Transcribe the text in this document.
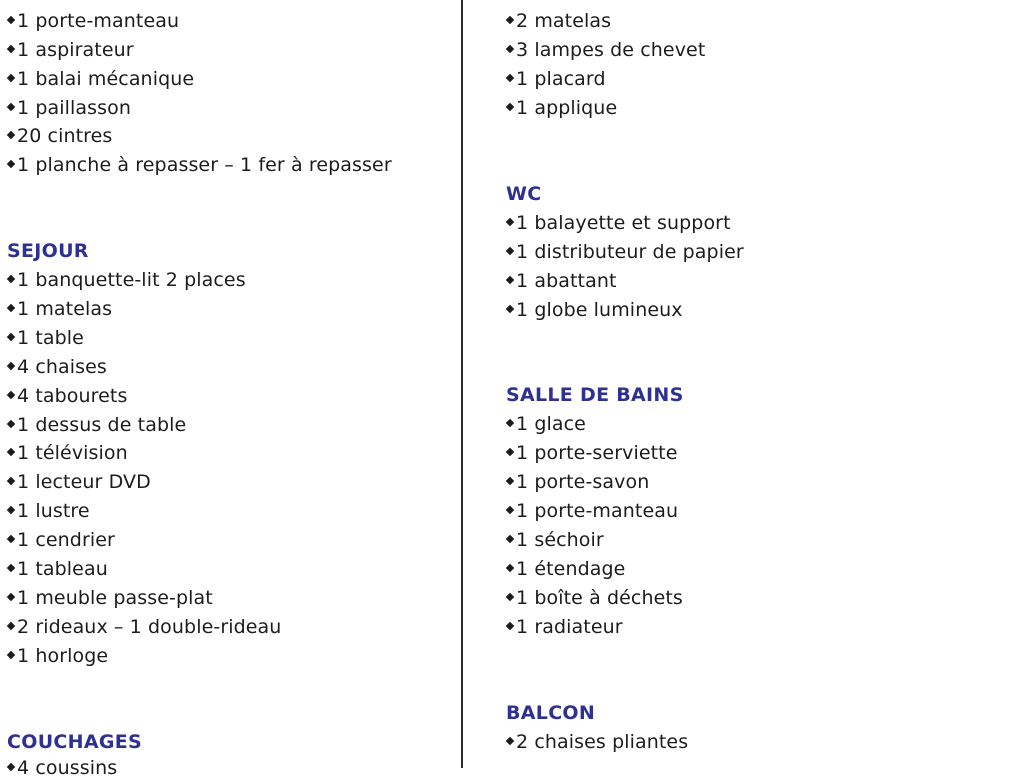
1 porte-manteau
1 aspirateur
1 balai mécanique
1 paillasson
20 cintres
1 planche à repasser – 1 fer à repasser
SEJOUR
1 banquette-lit 2 places
1 matelas
1 table
4 chaises
4 tabourets
1 dessus de table
1 télévision
1 lecteur DVD
1 lustre
1 cendrier
1 tableau
1 meuble passe-plat
2 rideaux – 1 double-rideau
1 horloge
COUCHAGES
4 coussins
2 matelas
3 lampes de chevet
1 placard
1 applique
WC
1 balayette et support
1 distributeur de papier
1 abattant
1 globe lumineux
SALLE DE BAINS
1 glace
1 porte-serviette
1 porte-savon
1 porte-manteau
1 séchoir
1 étendage
1 boîte à déchets
1 radiateur
BALCON
2 chaises pliantes
